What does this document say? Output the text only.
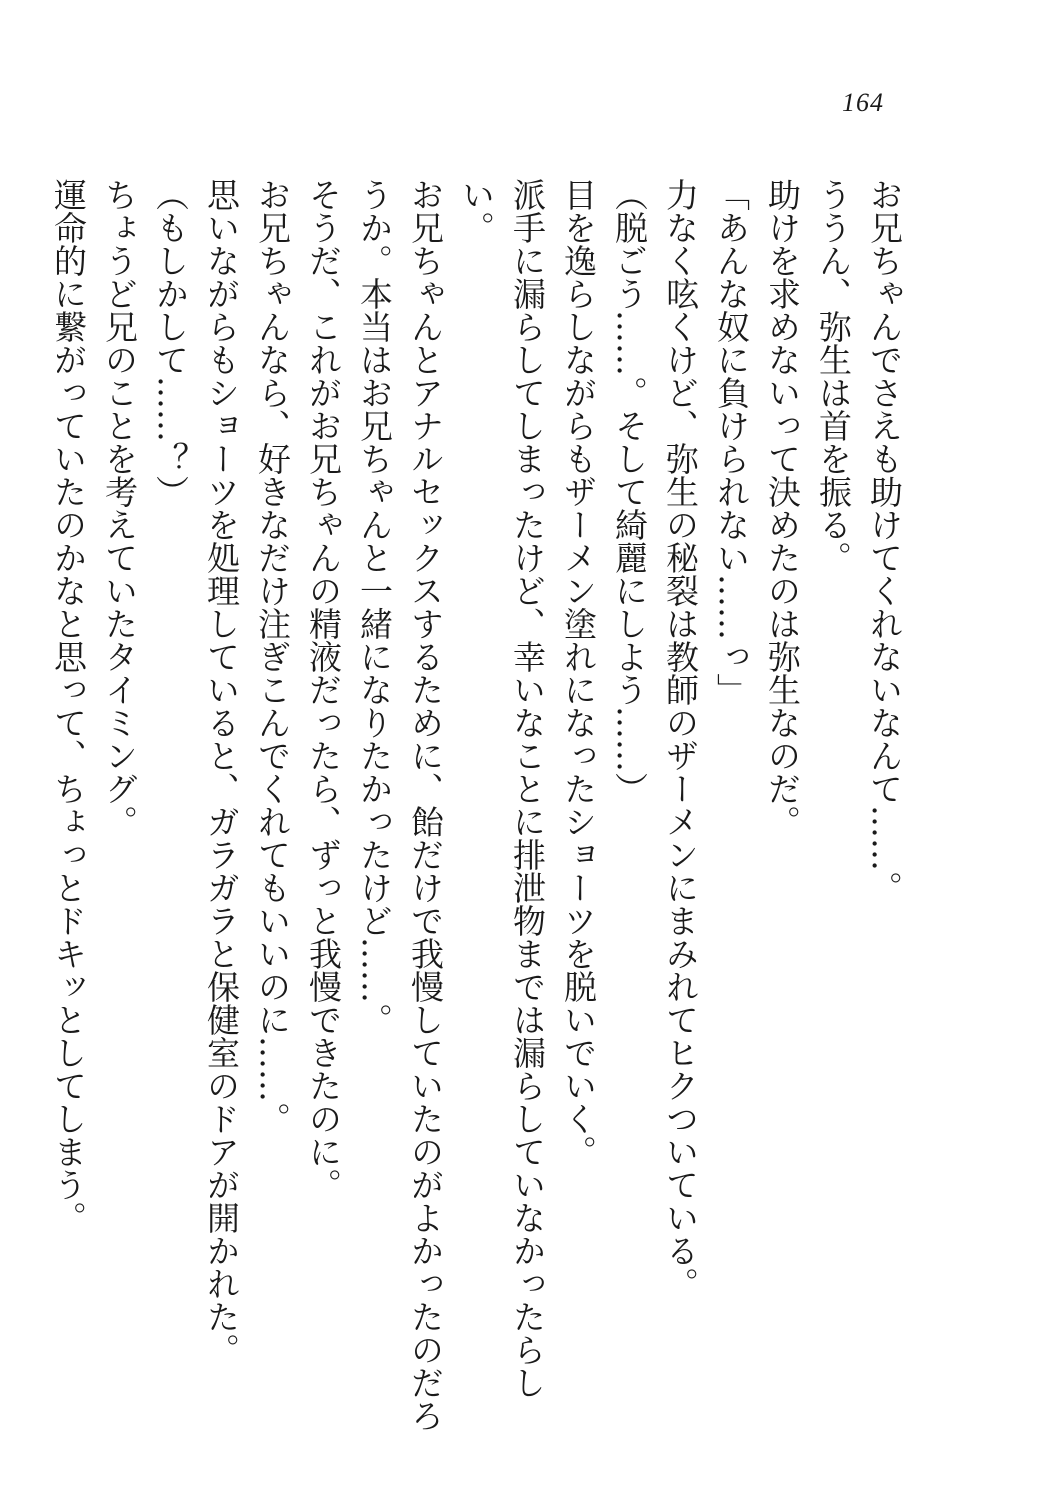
164

お兄ちゃんでさえも助けてくれないなんて……。

ううん、弥生は首を振る。

助けを求めないって決めたのは弥生なのだ。

「あんな奴に負けられない……っ」

力なく呟くけど、弥生の秘裂は教師のザーメンにまみれてヒクついている。

（脱ごう……。そして綺麗にしよう……）

目を逸らしながらもザーメン塗れになったショーツを脱いでいく。

派手に漏らしてしまったけど、幸いなことに排泄物までは漏らしていなかったらしい。

お兄ちゃんとアナルセックスするために、飴だけで我慢していたのがよかったのだろうか。本当はお兄ちゃんと一緒になりたかったけど……。

そうだ、これがお兄ちゃんの精液だったら、ずっと我慢できたのに。

お兄ちゃんなら、好きなだけ注ぎこんでくれてもいいのに……。

思いながらもショーツを処理していると、ガラガラと保健室のドアが開かれた。

（もしかして……？）

ちょうど兄のことを考えていたタイミング。

運命的に繋がっていたのかなと思って、ちょっとドキッとしてしまう。
